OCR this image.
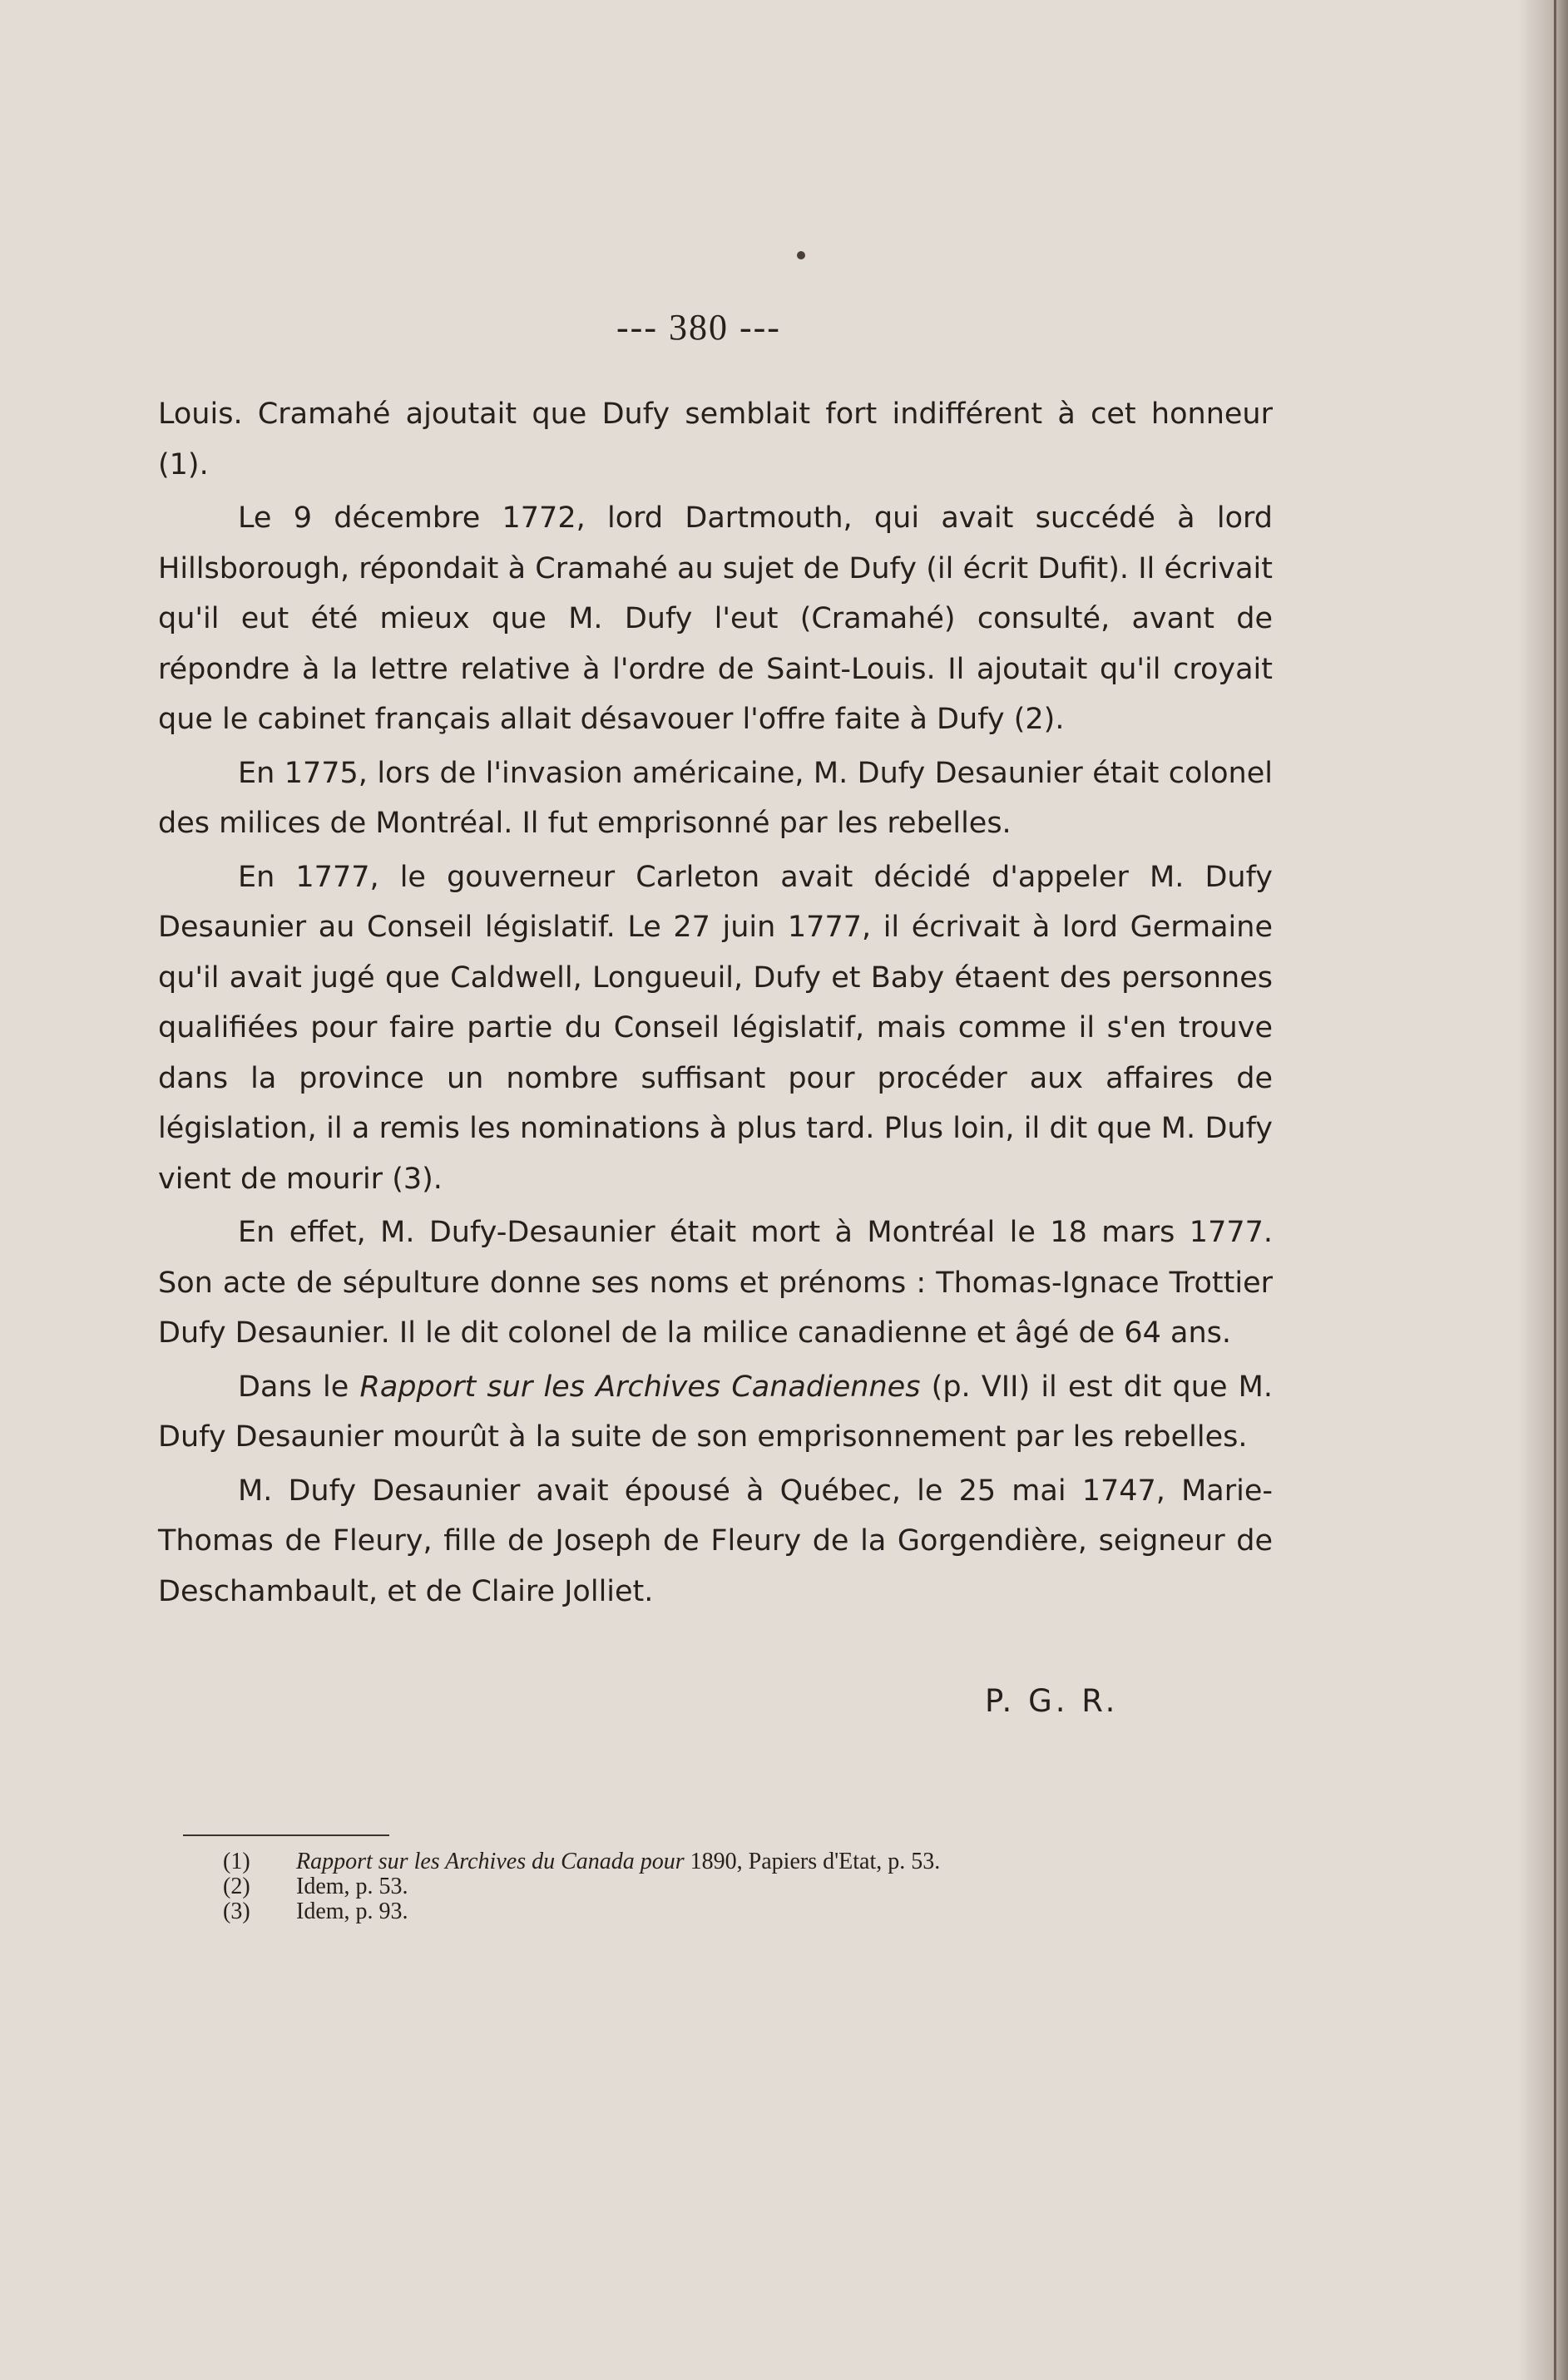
--- 380 ---

Louis. Cramahé ajoutait que Dufy semblait fort indifférent à cet honneur (1).

Le 9 décembre 1772, lord Dartmouth, qui avait succédé à lord Hillsborough, répondait à Cramahé au sujet de Dufy (il écrit Dufit). Il écrivait qu'il eut été mieux que M. Dufy l'eut (Cramahé) consulté, avant de répondre à la lettre relative à l'ordre de Saint-Louis. Il ajoutait qu'il croyait que le cabinet français allait désavouer l'offre faite à Dufy (2).

En 1775, lors de l'invasion américaine, M. Dufy Desaunier était colonel des milices de Montréal. Il fut emprisonné par les rebelles.

En 1777, le gouverneur Carleton avait décidé d'appeler M. Dufy Desaunier au Conseil législatif. Le 27 juin 1777, il écrivait à lord Germaine qu'il avait jugé que Caldwell, Longueuil, Dufy et Baby étaent des personnes qualifiées pour faire partie du Conseil législatif, mais comme il s'en trouve dans la province un nombre suffisant pour procéder aux affaires de législation, il a remis les nominations à plus tard. Plus loin, il dit que M. Dufy vient de mourir (3).

En effet, M. Dufy-Desaunier était mort à Montréal le 18 mars 1777. Son acte de sépulture donne ses noms et prénoms : Thomas-Ignace Trottier Dufy Desaunier. Il le dit colonel de la milice canadienne et âgé de 64 ans.

Dans le Rapport sur les Archives Canadiennes (p. VII) il est dit que M. Dufy Desaunier mourût à la suite de son emprisonnement par les rebelles.

M. Dufy Desaunier avait épousé à Québec, le 25 mai 1747, Marie-Thomas de Fleury, fille de Joseph de Fleury de la Gorgendière, seigneur de Deschambault, et de Claire Jolliet.

P. G. R.
(1)	Rapport sur les Archives du Canada pour 1890, Papiers d'Etat, p. 53.
(2)	Idem, p. 53.
(3)	Idem, p. 93.
